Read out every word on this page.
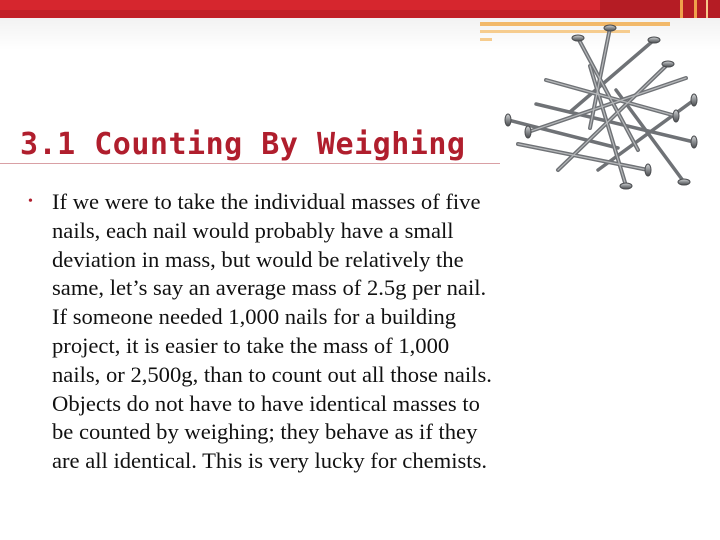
3.1 Counting By Weighing
• If we were to take the individual masses of five
nails, each nail would probably have a small
deviation in mass, but would be relatively the
same, let’s say an average mass of 2.5g per nail.
If someone needed 1,000 nails for a building
project, it is easier to take the mass of 1,000
nails, or 2,500g, than to count out all those nails.
Objects do not have to have identical masses to
be counted by weighing; they behave as if they
are all identical. This is very lucky for chemists.
